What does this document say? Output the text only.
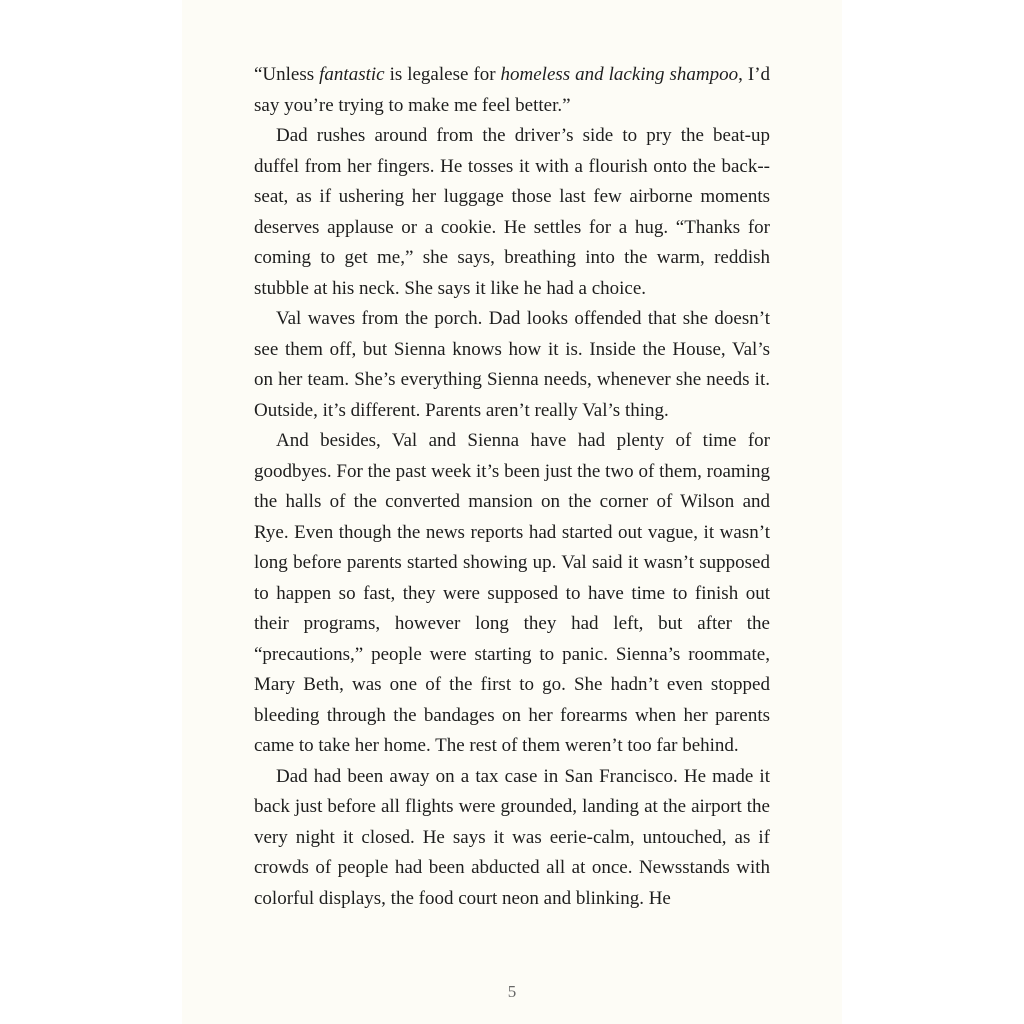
“Unless fantastic is legalese for homeless and lacking shampoo, I’d say you’re trying to make me feel better.”

Dad rushes around from the driver’s side to pry the beat-up duffel from her fingers. He tosses it with a flourish onto the back-seat, as if ushering her luggage those last few airborne moments deserves applause or a cookie. He settles for a hug. “Thanks for coming to get me,” she says, breathing into the warm, reddish stubble at his neck. She says it like he had a choice.

Val waves from the porch. Dad looks offended that she doesn’t see them off, but Sienna knows how it is. Inside the House, Val’s on her team. She’s everything Sienna needs, whenever she needs it. Outside, it’s different. Parents aren’t really Val’s thing.

And besides, Val and Sienna have had plenty of time for goodbyes. For the past week it’s been just the two of them, roaming the halls of the converted mansion on the corner of Wilson and Rye. Even though the news reports had started out vague, it wasn’t long before parents started showing up. Val said it wasn’t supposed to happen so fast, they were supposed to have time to finish out their programs, however long they had left, but after the “precautions,” people were starting to panic. Sienna’s roommate, Mary Beth, was one of the first to go. She hadn’t even stopped bleeding through the bandages on her forearms when her parents came to take her home. The rest of them weren’t too far behind.

Dad had been away on a tax case in San Francisco. He made it back just before all flights were grounded, landing at the airport the very night it closed. He says it was eerie-calm, untouched, as if crowds of people had been abducted all at once. Newsstands with colorful displays, the food court neon and blinking. He

5
